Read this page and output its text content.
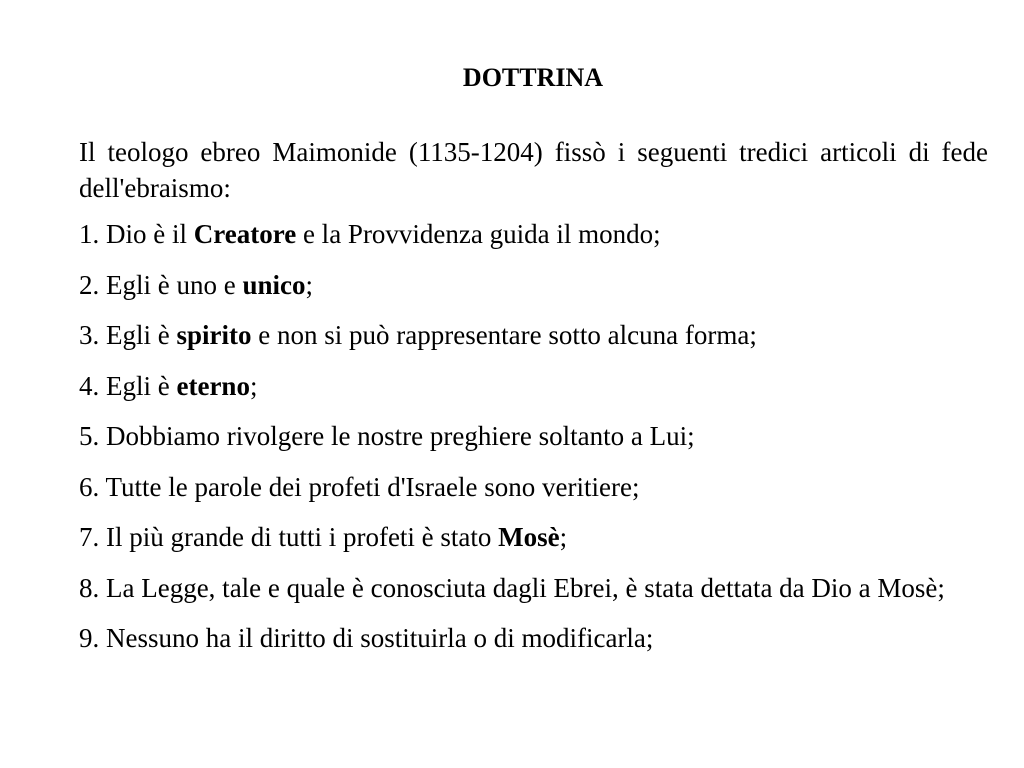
DOTTRINA

Il teologo ebreo Maimonide (1135-1204) fissò i seguenti tredici articoli di fede dell'ebraismo:

1. Dio è il Creatore e la Provvidenza guida il mondo;

2. Egli è uno e unico;

3. Egli è spirito e non si può rappresentare sotto alcuna forma;

4. Egli è eterno;

5. Dobbiamo rivolgere le nostre preghiere soltanto a Lui;

6. Tutte le parole dei profeti d'Israele sono veritiere;

7. Il più grande di tutti i profeti è stato Mosè;

8. La Legge, tale e quale è conosciuta dagli Ebrei, è stata dettata da Dio a Mosè;

9. Nessuno ha il diritto di sostituirla o di modificarla;
